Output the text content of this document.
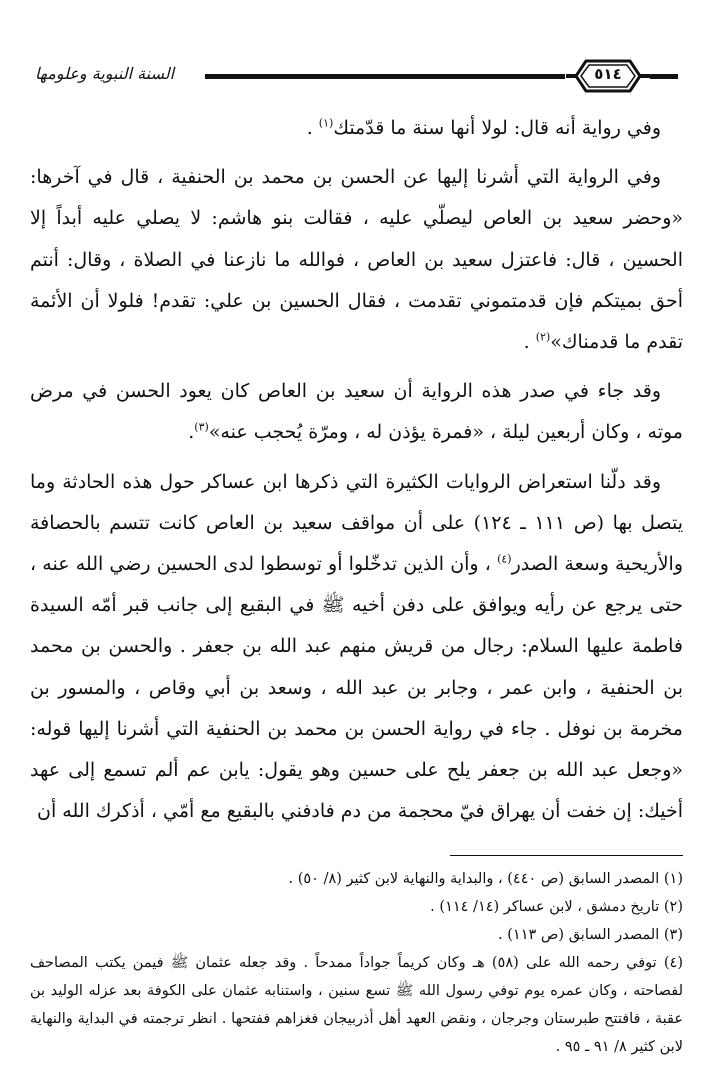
٥١٤
السنة النبوية وعلومها

وفي رواية أنه قال: لولا أنها سنة ما قدّمتك$^{(١)}$ .

وفي الرواية التي أشرنا إليها عن الحسن بن محمد بن الحنفية ، قال في آخرها: «وحضر سعيد بن العاص ليصلّي عليه ، فقالت بنو هاشم: لا يصلي عليه أبداً إلا الحسين ، قال: فاعتزل سعيد بن العاص ، فوالله ما نازعنا في الصلاة ، وقال: أنتم أحق بميتكم فإن قدمتموني تقدمت ، فقال الحسين بن علي: تقدم! فلولا أن الأئمة تقدم ما قدمناك»$^{(٢)}$ .

وقد جاء في صدر هذه الرواية أن سعيد بن العاص كان يعود الحسن في مرض موته ، وكان أربعين ليلة ، «فمرة يؤذن له ، ومرّة يُحجب عنه»$^{(٣)}$.

وقد دلّنا استعراض الروايات الكثيرة التي ذكرها ابن عساكر حول هذه الحادثة وما يتصل بها (ص ١١١ ـ ١٢٤) على أن مواقف سعيد بن العاص كانت تتسم بالحصافة والأريحية وسعة الصدر$^{(٤)}$ ، وأن الذين تدخّلوا أو توسطوا لدى الحسين رضي الله عنه ، حتى يرجع عن رأيه ويوافق على دفن أخيه ﷺ في البقيع إلى جانب قبر أمّه السيدة فاطمة عليها السلام: رجال من قريش منهم عبد الله بن جعفر . والحسن بن محمد بن الحنفية ، وابن عمر ، وجابر بن عبد الله ، وسعد بن أبي وقاص ، والمسور بن مخرمة بن نوفل . جاء في رواية الحسن بن محمد بن الحنفية التي أشرنا إليها قوله: «وجعل عبد الله بن جعفر يلح على حسين وهو يقول: يابن عم ألم تسمع إلى عهد أخيك: إن خفت أن يهراق فيّ محجمة من دم فادفني بالبقيع مع أمّي ، أذكرك الله أن

(١) المصدر السابق (ص ٤٤٠) ، والبداية والنهاية لابن كثير (٨/ ٥٠) .

(٢) تاريخ دمشق ، لابن عساكر (١٤/ ١١٤) .

(٣) المصدر السابق (ص ١١٣) .

(٤) توفي رحمه الله على (٥٨) هـ وكان كريماً جواداً ممدحاً . وقد جعله عثمان ﷺ فيمن يكتب المصاحف لفصاحته ، وكان عمره يوم توفي رسول الله ﷺ تسع سنين ، واستنابه عثمان على الكوفة بعد عزله الوليد بن عقبة ، فافتتح طبرستان وجرجان ، ونقض العهد أهل أذربيجان فغزاهم ففتحها . انظر ترجمته في البداية والنهاية لابن كثير ٨/ ٩١ ـ ٩٥ .
